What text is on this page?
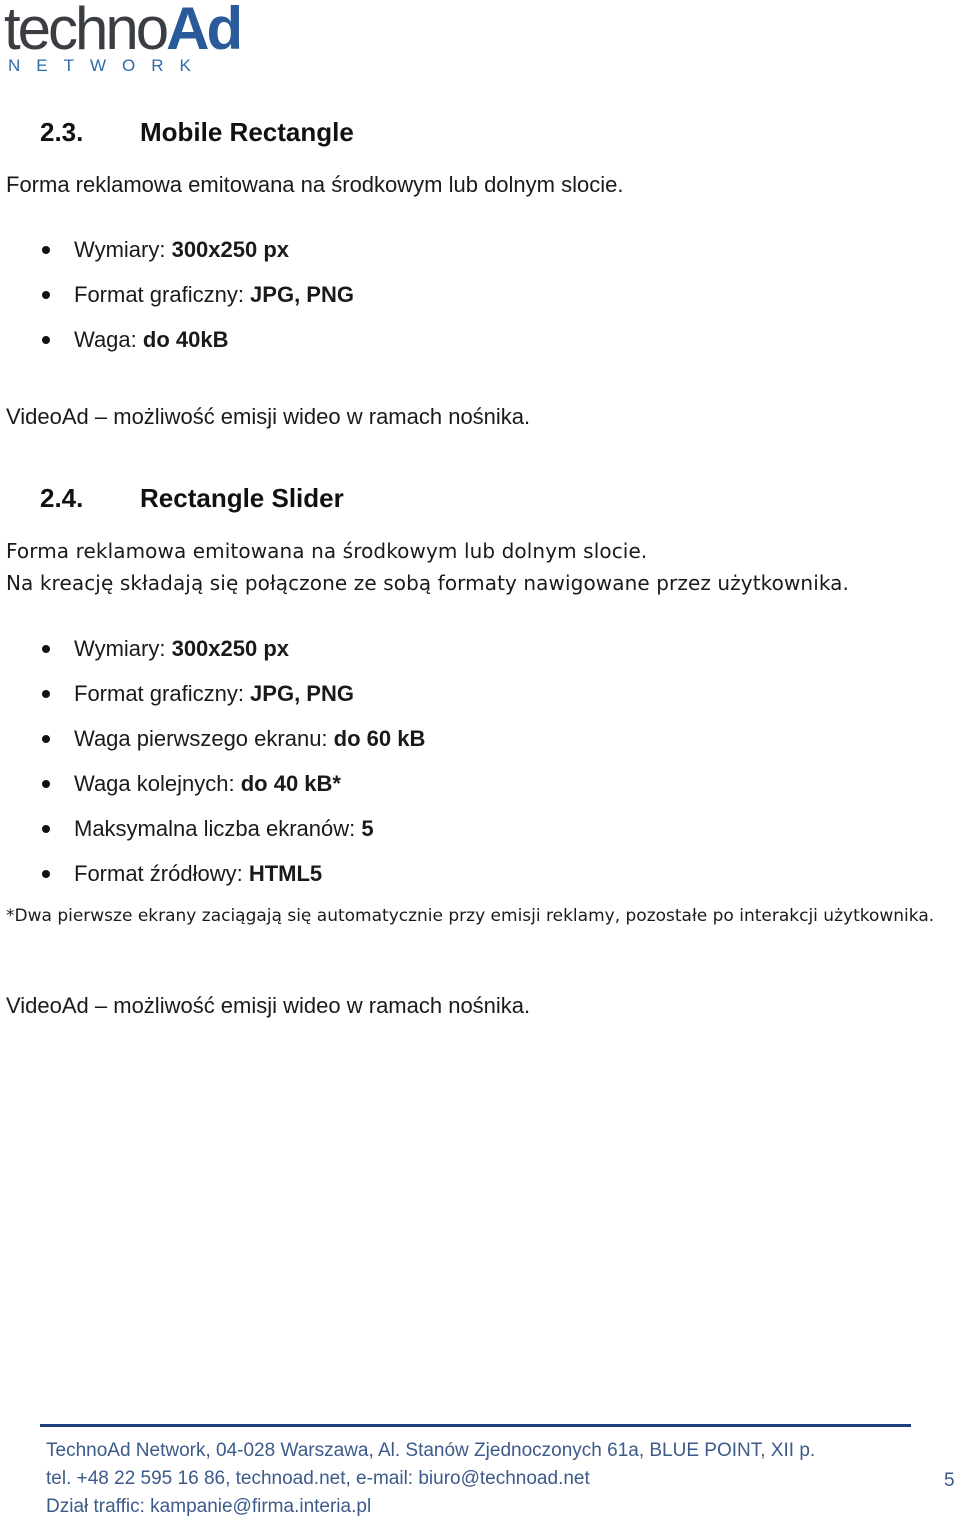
technoAd
NETWORK
2.3. Mobile Rectangle
Forma reklamowa emitowana na środkowym lub dolnym slocie.
Wymiary: 300x250 px
Format graficzny: JPG, PNG
Waga: do 40kB
VideoAd – możliwość emisji wideo w ramach nośnika.
2.4. Rectangle Slider
Forma reklamowa emitowana na środkowym lub dolnym slocie.
Na kreację składają się połączone ze sobą formaty nawigowane przez użytkownika.
Wymiary: 300x250 px
Format graficzny: JPG, PNG
Waga pierwszego ekranu: do 60 kB
Waga kolejnych: do 40 kB*
Maksymalna liczba ekranów: 5
Format źródłowy: HTML5
*Dwa pierwsze ekrany zaciągają się automatycznie przy emisji reklamy, pozostałe po interakcji użytkownika.
VideoAd – możliwość emisji wideo w ramach nośnika.
TechnoAd Network, 04-028 Warszawa, Al. Stanów Zjednoczonych 61a, BLUE POINT, XII p.
tel. +48 22 595 16 86, technoad.net, e-mail: biuro@technoad.net
Dział traffic: kampanie@firma.interia.pl
5
